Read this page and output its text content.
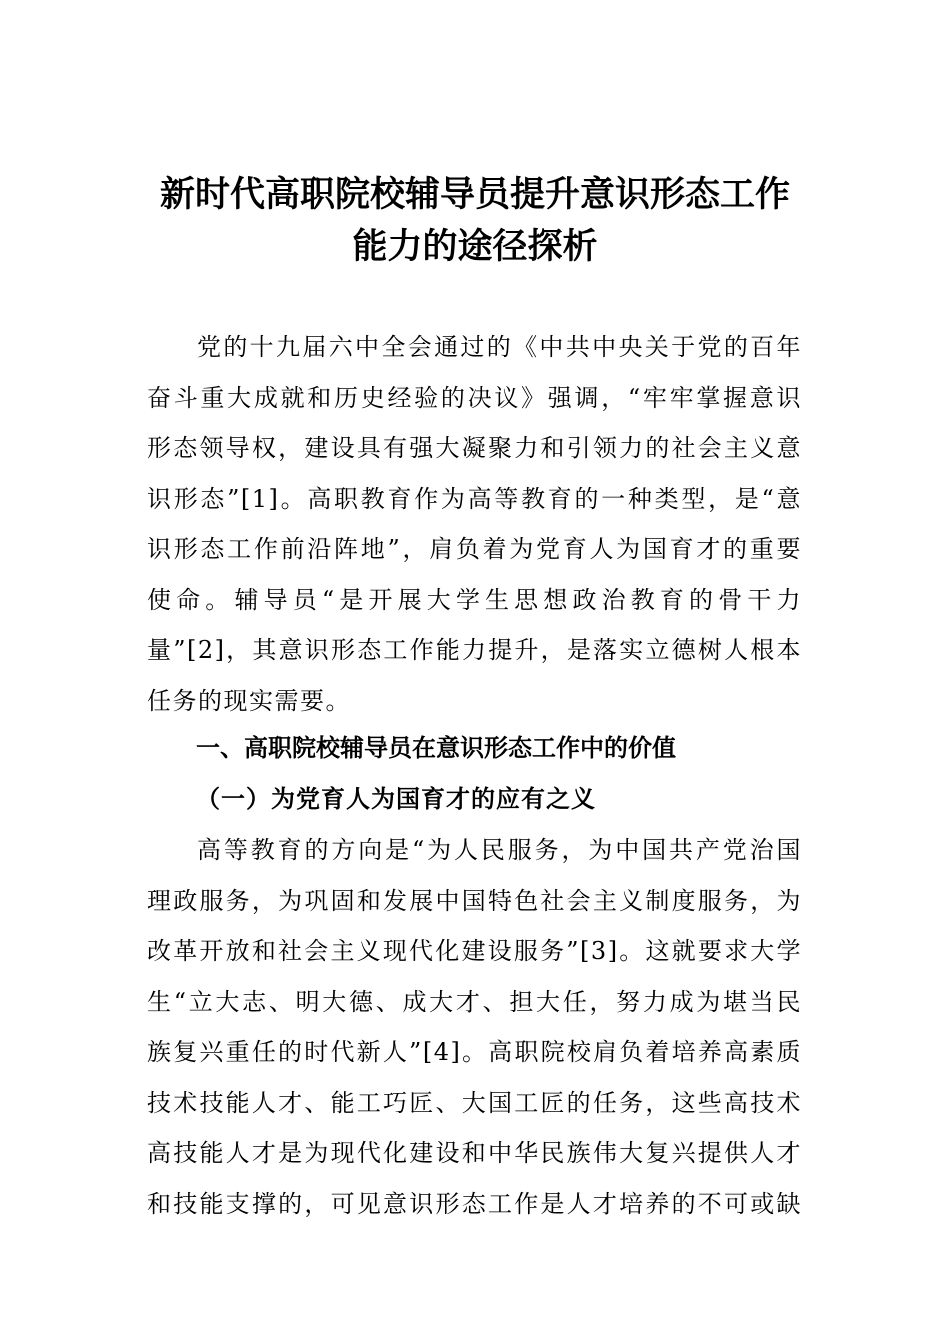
新时代高职院校辅导员提升意识形态工作
能力的途径探析
党的十九届六中全会通过的《中共中央关于党的百年
奋斗重大成就和历史经验的决议》强调，“牢牢掌握意识
形态领导权，建设具有强大凝聚力和引领力的社会主义意
识形态”[1]。高职教育作为高等教育的一种类型，是“意
识形态工作前沿阵地”，肩负着为党育人为国育才的重要
使命。辅导员“是开展大学生思想政治教育的骨干力
量”[2]，其意识形态工作能力提升，是落实立德树人根本
任务的现实需要。
一、高职院校辅导员在意识形态工作中的价值
（一）为党育人为国育才的应有之义
高等教育的方向是“为人民服务，为中国共产党治国
理政服务，为巩固和发展中国特色社会主义制度服务，为
改革开放和社会主义现代化建设服务”[3]。这就要求大学
生“立大志、明大德、成大才、担大任，努力成为堪当民
族复兴重任的时代新人”[4]。高职院校肩负着培养高素质
技术技能人才、能工巧匠、大国工匠的任务，这些高技术
高技能人才是为现代化建设和中华民族伟大复兴提供人才
和技能支撑的，可见意识形态工作是人才培养的不可或缺
